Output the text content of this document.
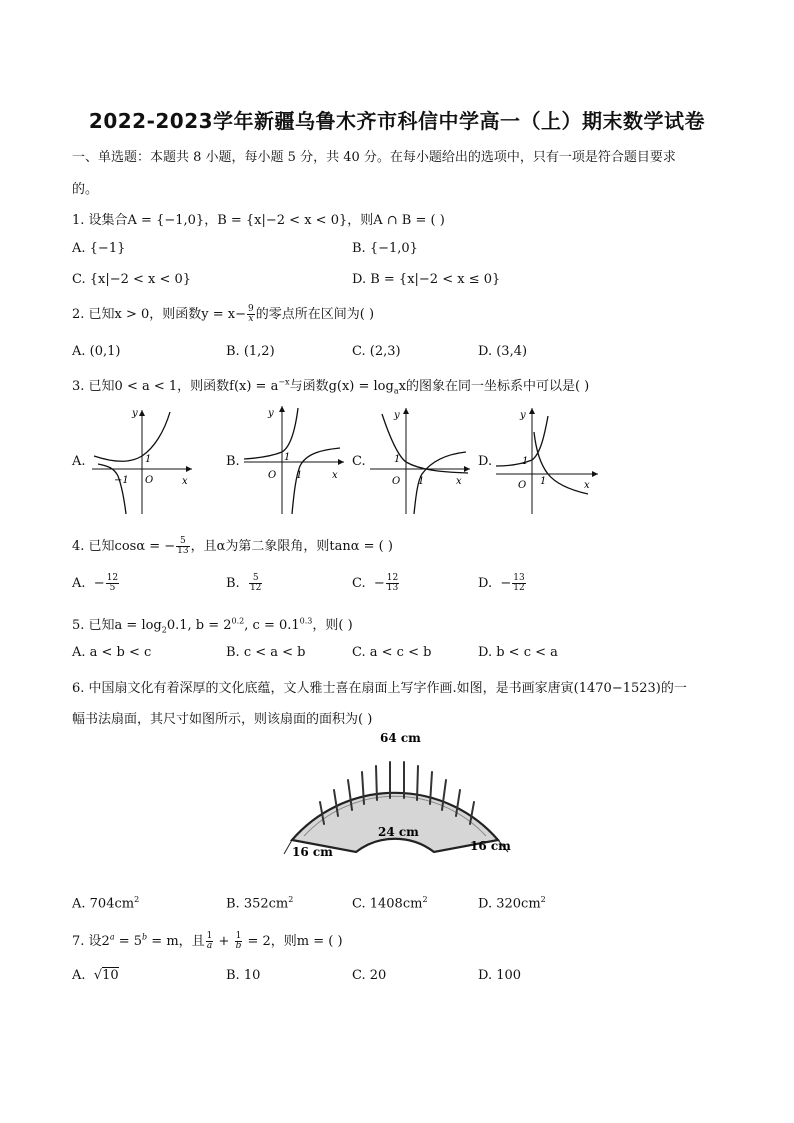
2022-2023学年新疆乌鲁木齐市科信中学高一（上）期末数学试卷
一、单选题：本题共 8 小题，每小题 5 分，共 40 分。在每小题给出的选项中，只有一项是符合题目要求
的。
1. 设集合A = {−1,0}，B = {x|−2 < x < 0}，则A ∩ B = ( )
A. {−1}	B. {−1,0}
C. {x|−2 < x < 0}	D. B = {x|−2 < x ≤ 0}
2. 已知x > 0，则函数$y = x- \frac{9}{x}$ 的零点所在区间为( )
A. (0,1)	B. (1,2)	C. (2,3)	D. (3,4)
3. 已知0 < a < 1，则函数$f(x) = a^{-x}$与函数$g(x) = \log_ax$的图象在同一坐标系中可以是( )
A.	B.	C.	D.
y
x
O
1
−1
y
x
O
1
1
y
x
O
1
1
y
x
O
1
1
4. 已知cosα = − $\frac{5}{13}$ ，且α为第二象限角，则tanα = ( )
A. − $\frac{12}{5}$	B. $\frac{5}{12}$	C. − $\frac{12}{13}$	D. − $\frac{13}{12}$
5. 已知$a = \log_20.1$, $b = 2^{0.2}$, $c = 0.1^{0.3}$，则( )
A. a < b < c	B. c < a < b	C. a < c < b	D. b < c < a
6. 中国扇文化有着深厚的文化底蕴，文人雅士喜在扇面上写字作画.如图，是书画家唐寅(1470−1523)的一
幅书法扇面，其尺寸如图所示，则该扇面的面积为( )
64 cm
24 cm
16 cm	16 cm
A. $704cm^2$	B. $352cm^2$	C. $1408cm^2$	D. $320cm^2$
7. 设$2^a = 5^b = m$，且 $\frac{1}{a} + \frac{1}{b} = 2$，则m = ( )
A. √10	B. 10	C. 20	D. 100
